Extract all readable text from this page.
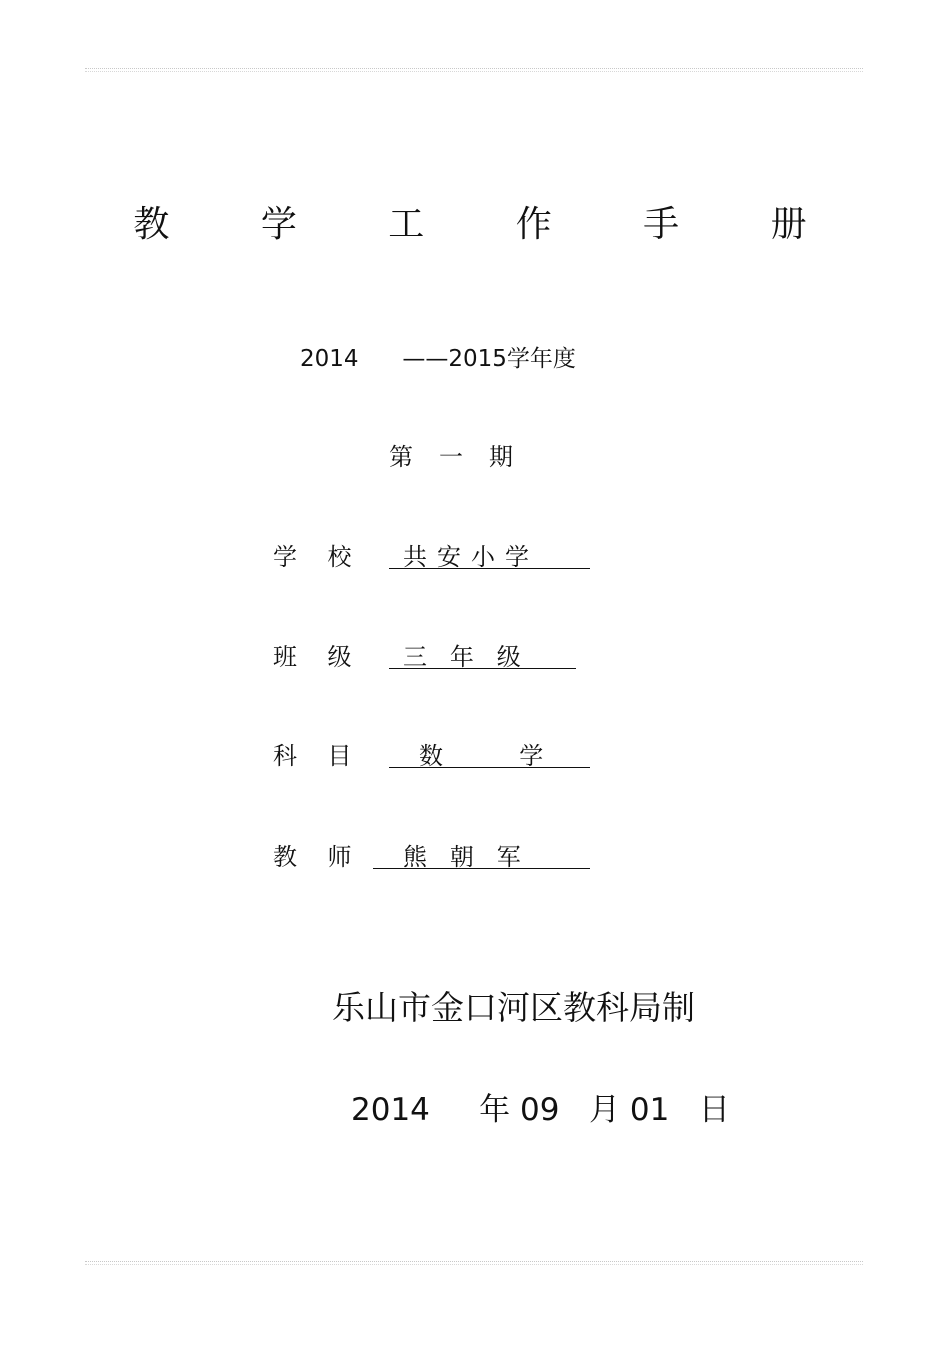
教 学 工 作 手 册
2014      ——2015学年度
第一期
学    校	共安小学
班    级	三   年   级
科    目	数          学
教    师	熊   朝   军
乐山市金口河区教科局制
2014     年 09   月 01   日
